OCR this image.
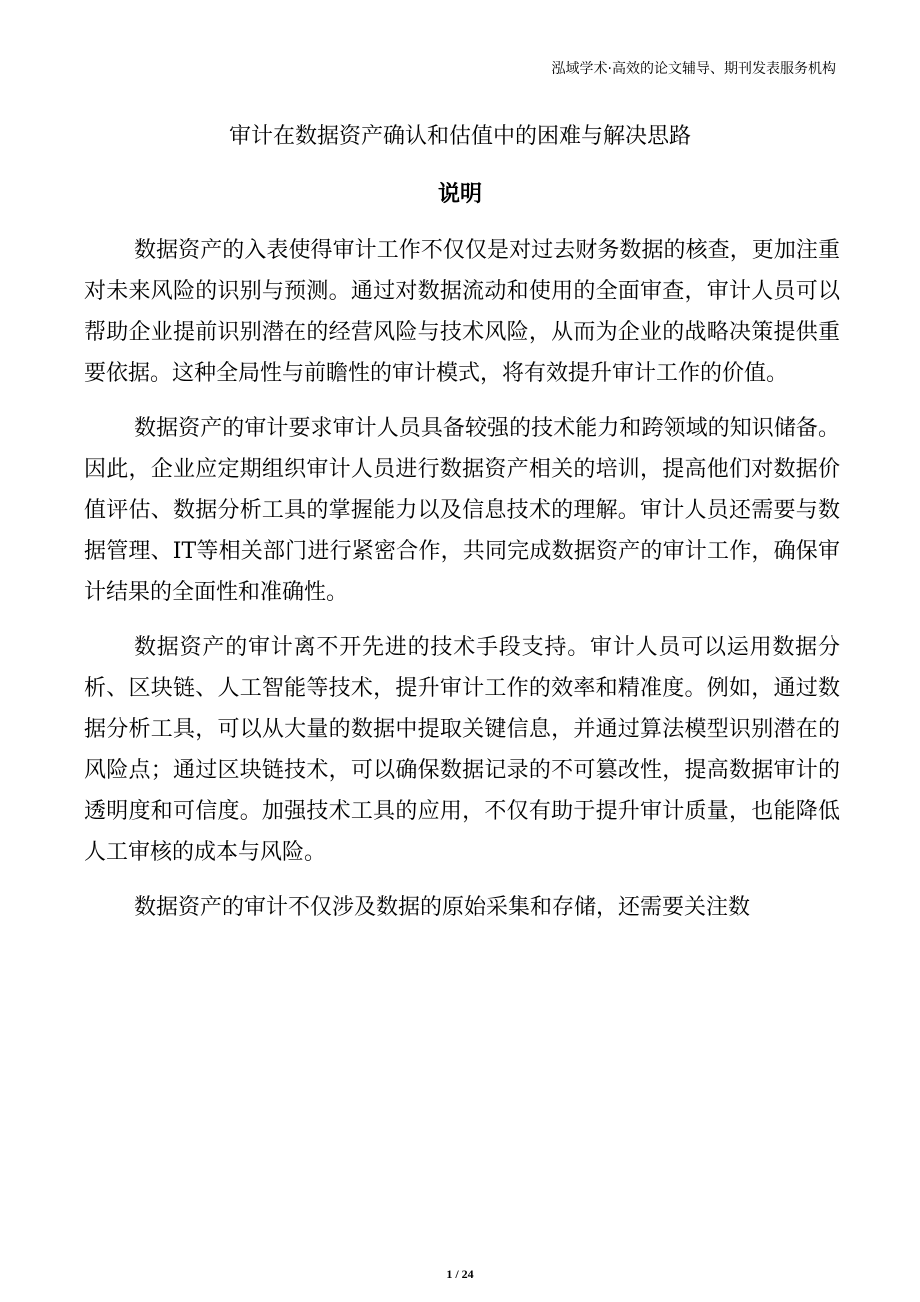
泓域学术·高效的论文辅导、期刊发表服务机构
审计在数据资产确认和估值中的困难与解决思路
说明

数据资产的入表使得审计工作不仅仅是对过去财务数据的核查，更加注重对未来风险的识别与预测。通过对数据流动和使用的全面审查，审计人员可以帮助企业提前识别潜在的经营风险与技术风险，从而为企业的战略决策提供重要依据。这种全局性与前瞻性的审计模式，将有效提升审计工作的价值。

数据资产的审计要求审计人员具备较强的技术能力和跨领域的知识储备。因此，企业应定期组织审计人员进行数据资产相关的培训，提高他们对数据价值评估、数据分析工具的掌握能力以及信息技术的理解。审计人员还需要与数据管理、IT等相关部门进行紧密合作，共同完成数据资产的审计工作，确保审计结果的全面性和准确性。

数据资产的审计离不开先进的技术手段支持。审计人员可以运用数据分析、区块链、人工智能等技术，提升审计工作的效率和精准度。例如，通过数据分析工具，可以从大量的数据中提取关键信息，并通过算法模型识别潜在的风险点；通过区块链技术，可以确保数据记录的不可篡改性，提高数据审计的透明度和可信度。加强技术工具的应用，不仅有助于提升审计质量，也能降低人工审核的成本与风险。

数据资产的审计不仅涉及数据的原始采集和存储，还需要关注数

1 / 24
